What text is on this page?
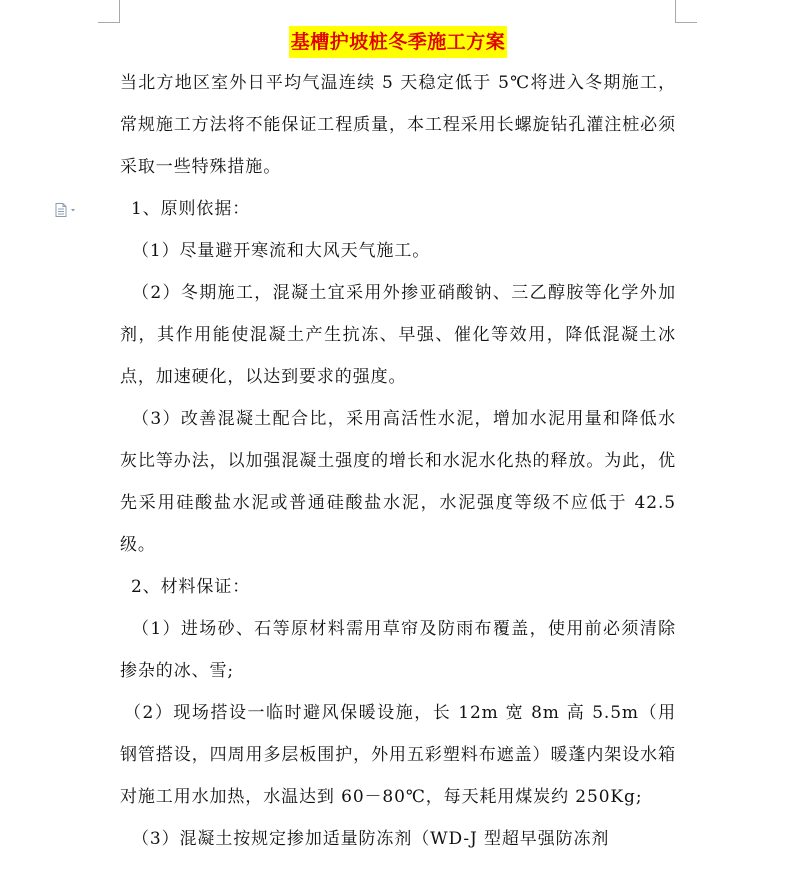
基槽护坡桩冬季施工方案

当北方地区室外日平均气温连续 5 天稳定低于 5℃将进入冬期施工，常规施工方法将不能保证工程质量，本工程采用长螺旋钻孔灌注桩必须采取一些特殊措施。

1、原则依据：

（1）尽量避开寒流和大风天气施工。

（2）冬期施工，混凝土宜采用外掺亚硝酸钠、三乙醇胺等化学外加剂，其作用能使混凝土产生抗冻、早强、催化等效用，降低混凝土冰点，加速硬化，以达到要求的强度。

（3）改善混凝土配合比，采用高活性水泥，增加水泥用量和降低水灰比等办法，以加强混凝土强度的增长和水泥水化热的释放。为此，优先采用硅酸盐水泥或普通硅酸盐水泥，水泥强度等级不应低于 42.5 级。

2、材料保证：

（1）进场砂、石等原材料需用草帘及防雨布覆盖，使用前必须清除掺杂的冰、雪;

（2）现场搭设一临时避风保暖设施，长 12m 宽 8m 高 5.5m（用钢管搭设，四周用多层板围护，外用五彩塑料布遮盖）暖蓬内架设水箱对施工用水加热，水温达到 60－80℃，每天耗用煤炭约 250Kg;

（3）混凝土按规定掺加适量防冻剂（WD-J 型超早强防冻剂
